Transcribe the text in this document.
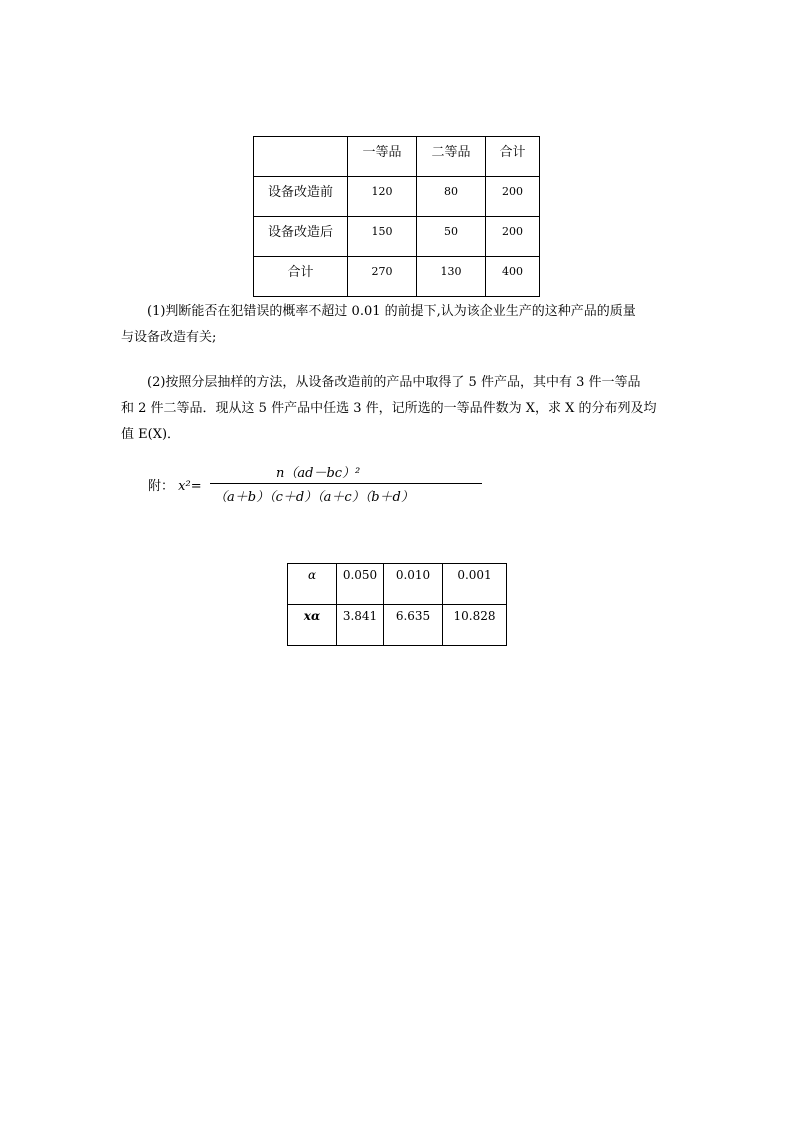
	一等品	二等品	合计
设备改造前	120	80	200
设备改造后	150	50	200
合计	270	130	400
(1)判断能否在犯错误的概率不超过 0.01 的前提下,认为该企业生产的这种产品的质量
与设备改造有关;
(2)按照分层抽样的方法，从设备改造前的产品中取得了 5 件产品，其中有 3 件一等品
和 2 件二等品．现从这 5 件产品中任选 3 件，记所选的一等品件数为 X，求 X 的分布列及均
值 E(X)．
附： x²=
n（ad－bc）²
（a＋b）（c＋d）（a＋c）（b＋d）
α	0.050	0.010	0.001
xα	3.841	6.635	10.828
